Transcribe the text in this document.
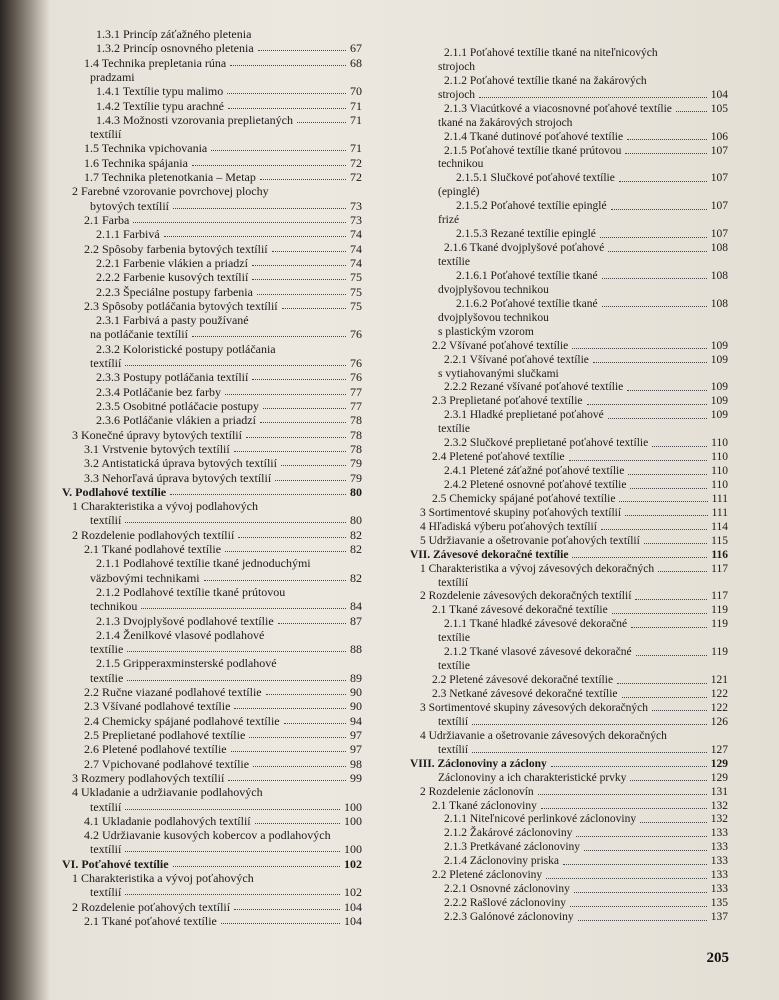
1.3.1 Princíp záťažného pletenia
1.3.2 Princíp osnovného pletenia	67
1.4 Technika prepletania rúna	68
pradzami
1.4.1 Textílie typu malimo	70
1.4.2 Textílie typu arachné	71
1.4.3 Možnosti vzorovania preplietaných	71
textílií
1.5 Technika vpichovania	71
1.6 Technika spájania	72
1.7 Technika pletenotkania – Metap	72
2 Farebné vzorovanie povrchovej plochy
bytových textílií	73
2.1 Farba	73
2.1.1 Farbivá	74
2.2 Spôsoby farbenia bytových textílií	74
2.2.1 Farbenie vlákien a priadzí	74
2.2.2 Farbenie kusových textílií	75
2.2.3 Špeciálne postupy farbenia	75
2.3 Spôsoby potláčania bytových textílií	75
2.3.1 Farbivá a pasty používané
na potláčanie textílií	76
2.3.2 Koloristické postupy potláčania
textílií	76
2.3.3 Postupy potláčania textílií	76
2.3.4 Potláčanie bez farby	77
2.3.5 Osobitné potláčacie postupy	77
2.3.6 Potláčanie vlákien a priadzí	78
3 Konečné úpravy bytových textílií	78
3.1 Vrstvenie bytových textílií	78
3.2 Antistatická úprava bytových textílií	79
3.3 Nehorľavá úprava bytových textílií	79
V. Podlahové textílie	80
1 Charakteristika a vývoj podlahových
textílií	80
2 Rozdelenie podlahových textílií	82
2.1 Tkané podlahové textílie	82
2.1.1 Podlahové textílie tkané jednoduchými
väzbovými technikami	82
2.1.2 Podlahové textílie tkané prútovou
technikou	84
2.1.3 Dvojplyšové podlahové textílie	87
2.1.4 Ženilkové vlasové podlahové
textílie	88
2.1.5 Gripperaxminsterské podlahové
textílie	89
2.2 Ručne viazané podlahové textílie	90
2.3 Všívané podlahové textílie	90
2.4 Chemicky spájané podlahové textílie	94
2.5 Preplietané podlahové textílie	97
2.6 Pletené podlahové textílie	97
2.7 Vpichované podlahové textílie	98
3 Rozmery podlahových textílií	99
4 Ukladanie a udržiavanie podlahových
textílií	100
4.1 Ukladanie podlahových textílií	100
4.2 Udržiavanie kusových kobercov a podlahových
textílií	100
VI. Poťahové textílie	102
1 Charakteristika a vývoj poťahových
textílií	102
2 Rozdelenie poťahových textílií	104
2.1 Tkané poťahové textílie	104
2.1.1 Poťahové textílie tkané na niteľnicových
strojoch
2.1.2 Poťahové textílie tkané na žakárových
strojoch	104
2.1.3 Viacútkové a viacosnovné poťahové textílie	105
tkané na žakárových strojoch
2.1.4 Tkané dutinové poťahové textílie	106
2.1.5 Poťahové textílie tkané prútovou	107
technikou
2.1.5.1 Slučkové poťahové textílie	107
(epinglé)
2.1.5.2 Poťahové textílie epinglé	107
frizé
2.1.5.3 Rezané textílie epinglé	107
2.1.6 Tkané dvojplyšové poťahové	108
textílie
2.1.6.1 Poťahové textílie tkané	108
dvojplyšovou technikou
2.1.6.2 Poťahové textílie tkané	108
dvojplyšovou technikou
s plastickým vzorom
2.2 Všívané poťahové textílie	109
2.2.1 Všívané poťahové textílie	109
s vytiahovanými slučkami
2.2.2 Rezané všívané poťahové textílie	109
2.3 Preplietané poťahové textílie	109
2.3.1 Hladké preplietané poťahové	109
textílie
2.3.2 Slučkové preplietané poťahové textílie	110
2.4 Pletené poťahové textílie	110
2.4.1 Pletené záťažné poťahové textílie	110
2.4.2 Pletené osnovné poťahové textílie	110
2.5 Chemicky spájané poťahové textílie	111
3 Sortimentové skupiny poťahových textílií	111
4 Hľadiská výberu poťahových textílií	114
5 Udržiavanie a ošetrovanie poťahových textílií	115
VII. Závesové dekoračné textílie	116
1 Charakteristika a vývoj závesových dekoračných	117
textílií
2 Rozdelenie závesových dekoračných textílií	117
2.1 Tkané závesové dekoračné textílie	119
2.1.1 Tkané hladké závesové dekoračné	119
textílie
2.1.2 Tkané vlasové závesové dekoračné	119
textílie
2.2 Pletené závesové dekoračné textílie	121
2.3 Netkané závesové dekoračné textílie	122
3 Sortimentové skupiny závesových dekoračných	122
textílií	126
4 Udržiavanie a ošetrovanie závesových dekoračných
textílií	127
VIII. Záclonoviny a záclony	129
Záclonoviny a ich charakteristické prvky	129
2 Rozdelenie záclonovín	131
2.1 Tkané záclonoviny	132
2.1.1 Niteľnicové perlinkové záclonoviny	132
2.1.2 Žakárové záclonoviny	133
2.1.3 Pretkávané záclonoviny	133
2.1.4 Záclonoviny priska	133
2.2 Pletené záclonoviny	133
2.2.1 Osnovné záclonoviny	133
2.2.2 Rašlové záclonoviny	135
2.2.3 Galónové záclonoviny	137
205
